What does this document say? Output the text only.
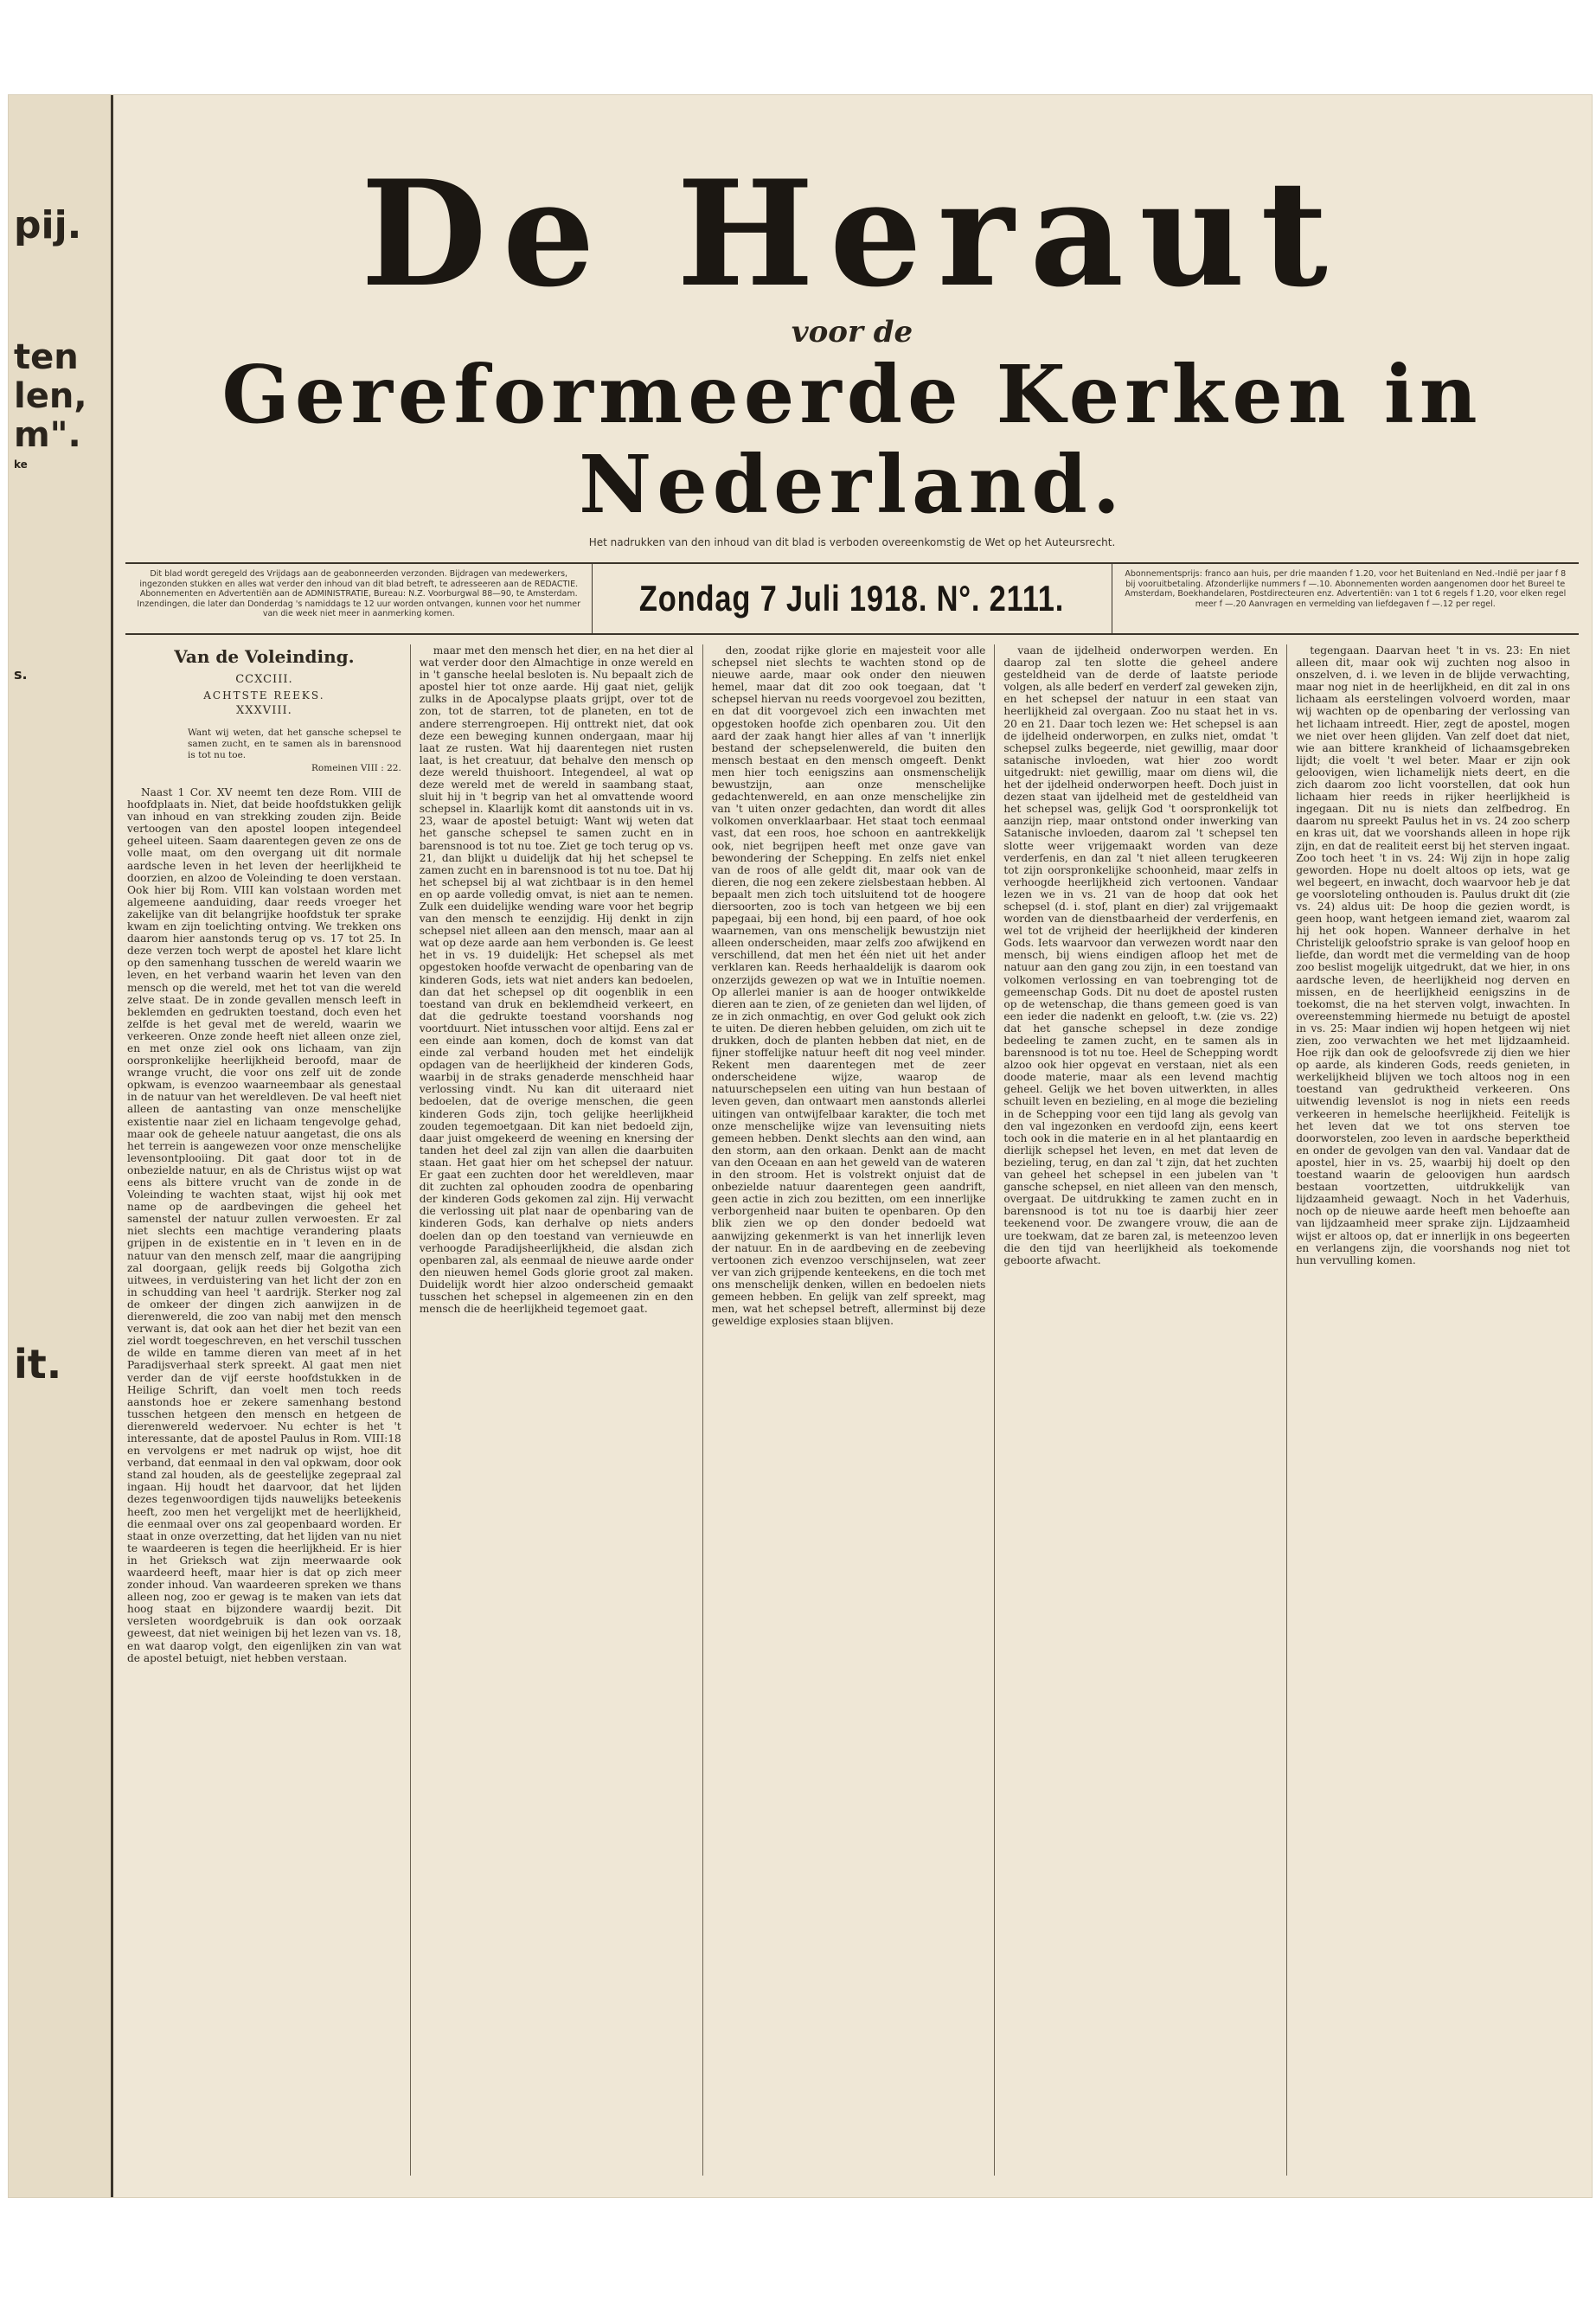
pij.
ten
len,
m".
ke
s.
it.
De Heraut
voor de
Gereformeerde Kerken in Nederland.
Het nadrukken van den inhoud van dit blad is verboden overeenkomstig de Wet op het Auteursrecht.
Dit blad wordt geregeld des Vrijdags aan de geabonneerden verzonden. Bijdragen van medewerkers, ingezonden stukken en alles wat verder den inhoud van dit blad betreft, te adresseeren aan de REDACTIE. Abonnementen en Advertentiën aan de ADMINISTRATIE, Bureau: N.Z. Voorburgwal 88—90, te Amsterdam. Inzendingen, die later dan Donderdag 's namiddags te 12 uur worden ontvangen, kunnen voor het nummer van die week niet meer in aanmerking komen.	Zondag 7 Juli 1918. N°. 2111.
Abonnementsprijs: franco aan huis, per drie maanden f 1.20, voor het Buitenland en Ned.-Indië per jaar f 8 bij vooruitbetaling. Afzonderlijke nummers f —.10. Abonnementen worden aangenomen door het Bureel te Amsterdam, Boekhandelaren, Postdirecteuren enz. Advertentiën: van 1 tot 6 regels f 1.20, voor elken regel meer f —.20 Aanvragen en vermelding van liefdegaven f —.12 per regel.
Van de Voleinding.
CCXCIII.
ACHTSTE REEKS.
XXXVIII.
Want wij weten, dat het gansche schepsel te samen zucht, en te samen als in barensnood is tot nu toe.
Romeinen VIII : 22.

Naast 1 Cor. XV neemt ten deze Rom. VIII de hoofdplaats in. Niet, dat beide hoofdstukken gelijk van inhoud en van strekking zouden zijn. Beide vertoogen van den apostel loopen integendeel geheel uiteen. Saam daarentegen geven ze ons de volle maat, om den overgang uit dit normale aardsche leven in het leven der heerlijkheid te doorzien, en alzoo de Voleinding te doen verstaan. Ook hier bij Rom. VIII kan volstaan worden met algemeene aanduiding, daar reeds vroeger het zakelijke van dit belangrijke hoofdstuk ter sprake kwam en zijn toelichting ontving. We trekken ons daarom hier aanstonds terug op vs. 17 tot 25. In deze verzen toch werpt de apostel het klare licht op den samenhang tusschen de wereld waarin we leven, en het verband waarin het leven van den mensch op die wereld, met het tot van die wereld zelve staat. De in zonde gevallen mensch leeft in beklemden en gedrukten toestand, doch even het zelfde is het geval met de wereld, waarin we verkeeren. Onze zonde heeft niet alleen onze ziel, en met onze ziel ook ons lichaam, van zijn oorspronkelijke heerlijkheid beroofd, maar de wrange vrucht, die voor ons zelf uit de zonde opkwam, is evenzoo waarneembaar als genestaal in de natuur van het wereldleven. De val heeft niet alleen de aantasting van onze menschelijke existentie naar ziel en lichaam tengevolge gehad, maar ook de geheele natuur aangetast, die ons als het terrein is aangewezen voor onze menschelijke levensontplooiing. Dit gaat door tot in de onbezielde natuur, en als de Christus wijst op wat eens als bittere vrucht van de zonde in de Voleinding te wachten staat, wijst hij ook met name op de aardbevingen die geheel het samenstel der natuur zullen verwoesten. Er zal niet slechts een machtige verandering plaats grijpen in de existentie en in 't leven en in de natuur van den mensch zelf, maar die aangrijping zal doorgaan, gelijk reeds bij Golgotha zich uitwees, in verduistering van het licht der zon en in schudding van heel 't aardrijk. Sterker nog zal de omkeer der dingen zich aanwijzen in de dierenwereld, die zoo van nabij met den mensch verwant is, dat ook aan het dier het bezit van een ziel wordt toegeschreven, en het verschil tusschen de wilde en tamme dieren van meet af in het Paradijsverhaal sterk spreekt. Al gaat men niet verder dan de vijf eerste hoofdstukken in de Heilige Schrift, dan voelt men toch reeds aanstonds hoe er zekere samenhang bestond tusschen hetgeen den mensch en hetgeen de dierenwereld wedervoer. Nu echter is het 't interessante, dat de apostel Paulus in Rom. VIII:18 en vervolgens er met nadruk op wijst, hoe dit verband, dat eenmaal in den val opkwam, door ook stand zal houden, als de geestelijke zegepraal zal ingaan. Hij houdt het daarvoor, dat het lijden dezes tegenwoordigen tijds nauwelijks beteekenis heeft, zoo men het vergelijkt met de heerlijkheid, die eenmaal over ons zal geopenbaard worden. Er staat in onze overzetting, dat het lijden van nu niet te waardeeren is tegen die heerlijkheid. Er is hier in het Grieksch wat zijn meerwaarde ook waardeerd heeft, maar hier is dat op zich meer zonder inhoud. Van waardeeren spreken we thans alleen nog, zoo er gewag is te maken van iets dat hoog staat en bijzondere waardij bezit. Dit versleten woordgebruik is dan ook oorzaak geweest, dat niet weinigen bij het lezen van vs. 18, en wat daarop volgt, den eigenlijken zin van wat de apostel betuigt, niet hebben verstaan.

maar met den mensch het dier, en na het dier al wat verder door den Almachtige in onze wereld en in 't gansche heelal besloten is. Nu bepaalt zich de apostel hier tot onze aarde. Hij gaat niet, gelijk zulks in de Apocalypse plaats grijpt, over tot de zon, tot de starren, tot de planeten, en tot de andere sterrengroepen. Hij onttrekt niet, dat ook deze een beweging kunnen ondergaan, maar hij laat ze rusten. Wat hij daarentegen niet rusten laat, is het creatuur, dat behalve den mensch op deze wereld thuishoort. Integendeel, al wat op deze wereld met de wereld in saambang staat, sluit hij in 't begrip van het al omvattende woord schepsel in. Klaarlijk komt dit aanstonds uit in vs. 23, waar de apostel betuigt: Want wij weten dat het gansche schepsel te samen zucht en in barensnood is tot nu toe. Ziet ge toch terug op vs. 21, dan blijkt u duidelijk dat hij het schepsel te zamen zucht en in barensnood is tot nu toe. Dat hij het schepsel bij al wat zichtbaar is in den hemel en op aarde volledig omvat, is niet aan te nemen. Zulk een duidelijke wending ware voor het begrip van den mensch te eenzijdig. Hij denkt in zijn schepsel niet alleen aan den mensch, maar aan al wat op deze aarde aan hem verbonden is. Ge leest het in vs. 19 duidelijk: Het schepsel als met opgestoken hoofde verwacht de openbaring van de kinderen Gods, iets wat niet anders kan bedoelen, dan dat het schepsel op dit oogenblik in een toestand van druk en beklemdheid verkeert, en dat die gedrukte toestand voorshands nog voortduurt. Niet intusschen voor altijd. Eens zal er een einde aan komen, doch de komst van dat einde zal verband houden met het eindelijk opdagen van de heerlijkheid der kinderen Gods, waarbij in de straks genaderde menschheid haar verlossing vindt. Nu kan dit uiteraard niet bedoelen, dat de overige menschen, die geen kinderen Gods zijn, toch gelijke heerlijkheid zouden tegemoetgaan. Dit kan niet bedoeld zijn, daar juist omgekeerd de weening en knersing der tanden het deel zal zijn van allen die daarbuiten staan. Het gaat hier om het schepsel der natuur. Er gaat een zuchten door het wereldleven, maar dit zuchten zal ophouden zoodra de openbaring der kinderen Gods gekomen zal zijn. Hij verwacht die verlossing uit plat naar de openbaring van de kinderen Gods, kan derhalve op niets anders doelen dan op den toestand van vernieuwde en verhoogde Paradijsheerlijkheid, die alsdan zich openbaren zal, als eenmaal de nieuwe aarde onder den nieuwen hemel Gods glorie groot zal maken. Duidelijk wordt hier alzoo onderscheid gemaakt tusschen het schepsel in algemeenen zin en den mensch die de heerlijkheid tegemoet gaat.

den, zoodat rijke glorie en majesteit voor alle schepsel niet slechts te wachten stond op de nieuwe aarde, maar ook onder den nieuwen hemel, maar dat dit zoo ook toegaan, dat 't schepsel hiervan nu reeds voorgevoel zou bezitten, en dat dit voorgevoel zich een inwachten met opgestoken hoofde zich openbaren zou. Uit den aard der zaak hangt hier alles af van 't innerlijk bestand der schepselenwereld, die buiten den mensch bestaat en den mensch omgeeft. Denkt men hier toch eenigszins aan onsmenschelijk bewustzijn, aan onze menschelijke gedachtenwereld, en aan onze menschelijke zin van 't uiten onzer gedachten, dan wordt dit alles volkomen onverklaarbaar. Het staat toch eenmaal vast, dat een roos, hoe schoon en aantrekkelijk ook, niet begrijpen heeft met onze gave van bewondering der Schepping. En zelfs niet enkel van de roos of alle geldt dit, maar ook van de dieren, die nog een zekere zielsbestaan hebben. Al bepaalt men zich toch uitsluitend tot de hoogere diersoorten, zoo is toch van hetgeen we bij een papegaai, bij een hond, bij een paard, of hoe ook waarnemen, van ons menschelijk bewustzijn niet alleen onderscheiden, maar zelfs zoo afwijkend en verschillend, dat men het één niet uit het ander verklaren kan. Reeds herhaaldelijk is daarom ook onzerzijds gewezen op wat we in Intuïtie noemen. Op allerlei manier is aan de hooger ontwikkelde dieren aan te zien, of ze genieten dan wel lijden, of ze in zich onmachtig, en over God gelukt ook zich te uiten. De dieren hebben geluiden, om zich uit te drukken, doch de planten hebben dat niet, en de fijner stoffelijke natuur heeft dit nog veel minder. Rekent men daarentegen met de zeer onderscheidene wijze, waarop de natuurschepselen een uiting van hun bestaan of leven geven, dan ontwaart men aanstonds allerlei uitingen van ontwijfelbaar karakter, die toch met onze menschelijke wijze van levensuiting niets gemeen hebben. Denkt slechts aan den wind, aan den storm, aan den orkaan. Denkt aan de macht van den Oceaan en aan het geweld van de wateren in den stroom. Het is volstrekt onjuist dat de onbezielde natuur daarentegen geen aandrift, geen actie in zich zou bezitten, om een innerlijke verborgenheid naar buiten te openbaren. Op den blik zien we op den donder bedoeld wat aanwijzing gekenmerkt is van het innerlijk leven der natuur. En in de aardbeving en de zeebeving vertoonen zich evenzoo verschijnselen, wat zeer ver van zich grijpende kenteekens, en die toch met ons menschelijk denken, willen en bedoelen niets gemeen hebben. En gelijk van zelf spreekt, mag men, wat het schepsel betreft, allerminst bij deze geweldige explosies staan blijven.

vaan de ijdelheid onderworpen werden. En daarop zal ten slotte die geheel andere gesteldheid van de derde of laatste periode volgen, als alle bederf en verderf zal geweken zijn, en het schepsel der natuur in een staat van heerlijkheid zal overgaan. Zoo nu staat het in vs. 20 en 21. Daar toch lezen we: Het schepsel is aan de ijdelheid onderworpen, en zulks niet, omdat 't schepsel zulks begeerde, niet gewillig, maar door satanische invloeden, wat hier zoo wordt uitgedrukt: niet gewillig, maar om diens wil, die het der ijdelheid onderworpen heeft. Doch juist in dezen staat van ijdelheid met de gesteldheid van het schepsel was, gelijk God 't oorspronkelijk tot aanzijn riep, maar ontstond onder inwerking van Satanische invloeden, daarom zal 't schepsel ten slotte weer vrijgemaakt worden van deze verderfenis, en dan zal 't niet alleen terugkeeren tot zijn oorspronkelijke schoonheid, maar zelfs in verhoogde heerlijkheid zich vertoonen. Vandaar lezen we in vs. 21 van de hoop dat ook het schepsel (d. i. stof, plant en dier) zal vrijgemaakt worden van de dienstbaarheid der verderfenis, en wel tot de vrijheid der heerlijkheid der kinderen Gods. Iets waarvoor dan verwezen wordt naar den mensch, bij wiens eindigen afloop het met de natuur aan den gang zou zijn, in een toestand van volkomen verlossing en van toebrenging tot de gemeenschap Gods. Dit nu doet de apostel rusten op de wetenschap, die thans gemeen goed is van een ieder die nadenkt en gelooft, t.w. (zie vs. 22) dat het gansche schepsel in deze zondige bedeeling te zamen zucht, en te samen als in barensnood is tot nu toe. Heel de Schepping wordt alzoo ook hier opgevat en verstaan, niet als een doode materie, maar als een levend machtig geheel. Gelijk we het boven uitwerkten, in alles schuilt leven en bezieling, en al moge die bezieling in de Schepping voor een tijd lang als gevolg van den val ingezonken en verdoofd zijn, eens keert toch ook in die materie en in al het plantaardig en dierlijk schepsel het leven, en met dat leven de bezieling, terug, en dan zal 't zijn, dat het zuchten van geheel het schepsel in een jubelen van 't gansche schepsel, en niet alleen van den mensch, overgaat. De uitdrukking te zamen zucht en in barensnood is tot nu toe is daarbij hier zeer teekenend voor. De zwangere vrouw, die aan de ure toekwam, dat ze baren zal, is meteenzoo leven die den tijd van heerlijkheid als toekomende geboorte afwacht.

tegengaan. Daarvan heet 't in vs. 23: En niet alleen dit, maar ook wij zuchten nog alsoo in onszelven, d. i. we leven in de blijde verwachting, maar nog niet in de heerlijkheid, en dit zal in ons lichaam als eerstelingen volvoerd worden, maar wij wachten op de openbaring der verlossing van het lichaam intreedt. Hier, zegt de apostel, mogen we niet over heen glijden. Van zelf doet dat niet, wie aan bittere krankheid of lichaamsgebreken lijdt; die voelt 't wel beter. Maar er zijn ook geloovigen, wien lichamelijk niets deert, en die zich daarom zoo licht voorstellen, dat ook hun lichaam hier reeds in rijker heerlijkheid is ingegaan. Dit nu is niets dan zelfbedrog. En daarom nu spreekt Paulus het in vs. 24 zoo scherp en kras uit, dat we voorshands alleen in hope rijk zijn, en dat de realiteit eerst bij het sterven ingaat. Zoo toch heet 't in vs. 24: Wij zijn in hope zalig geworden. Hope nu doelt altoos op iets, wat ge wel begeert, en inwacht, doch waarvoor heb je dat ge voorsloteling onthouden is. Paulus drukt dit (zie vs. 24) aldus uit: De hoop die gezien wordt, is geen hoop, want hetgeen iemand ziet, waarom zal hij het ook hopen. Wanneer derhalve in het Christelijk geloofstrio sprake is van geloof hoop en liefde, dan wordt met die vermelding van de hoop zoo beslist mogelijk uitgedrukt, dat we hier, in ons aardsche leven, de heerlijkheid nog derven en missen, en de heerlijkheid eenigszins in de toekomst, die na het sterven volgt, inwachten. In overeenstemming hiermede nu betuigt de apostel in vs. 25: Maar indien wij hopen hetgeen wij niet zien, zoo verwachten we het met lijdzaamheid. Hoe rijk dan ook de geloofsvrede zij dien we hier op aarde, als kinderen Gods, reeds genieten, in werkelijkheid blijven we toch altoos nog in een toestand van gedruktheid verkeeren. Ons uitwendig levenslot is nog in niets een reeds verkeeren in hemelsche heerlijkheid. Feitelijk is het leven dat we tot ons sterven toe doorworstelen, zoo leven in aardsche beperktheid en onder de gevolgen van den val. Vandaar dat de apostel, hier in vs. 25, waarbij hij doelt op den toestand waarin de geloovigen hun aardsch bestaan voortzetten, uitdrukkelijk van lijdzaamheid gewaagt. Noch in het Vaderhuis, noch op de nieuwe aarde heeft men behoefte aan van lijdzaamheid meer sprake zijn. Lijdzaamheid wijst er altoos op, dat er innerlijk in ons begeerten en verlangens zijn, die voorshands nog niet tot hun vervulling komen.
